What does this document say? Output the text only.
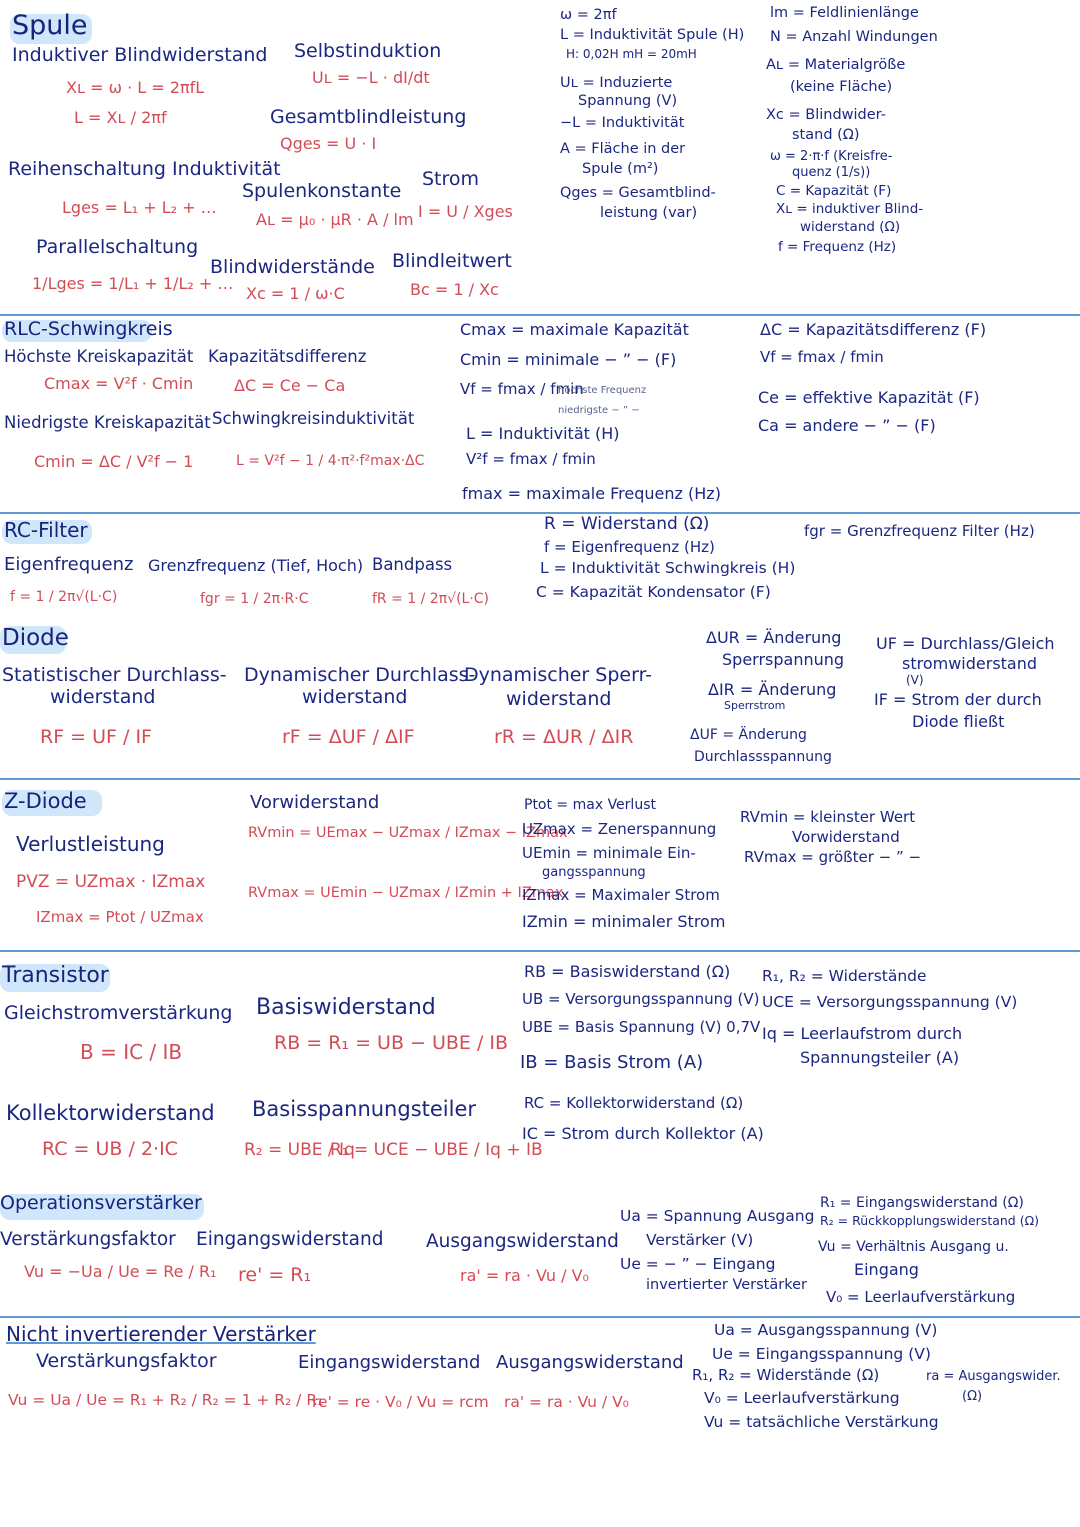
Spule
Induktiver Blindwiderstand
Xʟ = ω · L = 2πfL
L = Xʟ / 2πf
Selbstinduktion
Uʟ = −L · dI/dt
Gesamtblindleistung
Qges = U · I
Reihenschaltung Induktivität
Lges = L₁ + L₂ + …
Spulenkonstante
Aʟ = μ₀ · μR · A / lm
Strom
I = U / Xges
Parallelschaltung
1/Lges = 1/L₁ + 1/L₂ + …
Blindwiderstände
Xc = 1 / ω·C
Blindleitwert
Bc = 1 / Xc
ω = 2πf
L = Induktivität Spule (H)
H: 0,02H mH = 20mH
Uʟ = Induzierte
Spannung (V)
−L = Induktivität
A = Fläche in der
Spule (m²)
Qges = Gesamtblind-
leistung (var)
lm = Feldlinienlänge
N = Anzahl Windungen
Aʟ = Materialgröße
(keine Fläche)
Xc = Blindwider-
stand (Ω)
ω = 2·π·f (Kreisfre-
quenz (1/s))
C = Kapazität (F)
Xʟ = induktiver Blind-
widerstand (Ω)
f = Frequenz (Hz)
RLC-Schwingkreis
Höchste Kreiskapazität
Cmax = V²f · Cmin
Kapazitätsdifferenz
ΔC = Ce − Ca
Niedrigste Kreiskapazität
Cmin = ΔC / V²f − 1
Schwingkreisinduktivität
L = V²f − 1 / 4·π²·f²max·ΔC
Cmax = maximale Kapazität
Cmin = minimale − ” − (F)
Vf = fmax / fmin
höchste Frequenz
niedrigste − ” −
L = Induktivität (H)
V²f = fmax / fmin
fmax = maximale Frequenz (Hz)
ΔC = Kapazitätsdifferenz (F)
Vf = fmax / fmin
Ce = effektive Kapazität (F)
Ca = andere − ” − (F)
RC-Filter
Eigenfrequenz
f = 1 / 2π√(L·C)
Grenzfrequenz (Tief, Hoch)
fgr = 1 / 2π·R·C
Bandpass
fR = 1 / 2π√(L·C)
R = Widerstand (Ω)
f = Eigenfrequenz (Hz)
L = Induktivität Schwingkreis (H)
C = Kapazität Kondensator (F)
fgr = Grenzfrequenz Filter (Hz)
Diode
Statistischer Durchlass-
widerstand
RF = UF / IF
Dynamischer Durchlass-
widerstand
rF = ΔUF / ΔIF
Dynamischer Sperr-
widerstand
rR = ΔUR / ΔIR
ΔUR = Änderung
Sperrspannung
ΔIR = Änderung
Sperrstrom
ΔUF = Änderung
Durchlassspannung
UF = Durchlass/Gleich
stromwiderstand
(V)
IF = Strom der durch
Diode fließt
Z-Diode
Verlustleistung
PVZ = UZmax · IZmax
IZmax = Ptot / UZmax
Vorwiderstand
RVmin = UEmax − UZmax / IZmax − IZmax
RVmax = UEmin − UZmax / IZmin + IZmax
Ptot = max Verlust
UZmax = Zenerspannung
UEmin = minimale Ein-
gangsspannung
IZmax = Maximaler Strom
IZmin = minimaler Strom
RVmin = kleinster Wert
Vorwiderstand
RVmax = größter − ” −
Transistor
Gleichstromverstärkung
B = IC / IB
Basiswiderstand
RB = R₁ = UB − UBE / IB
Kollektorwiderstand
RC = UB / 2·IC
Basisspannungsteiler
R₂ = UBE / Iq
R₁ = UCE − UBE / Iq + IB
RB = Basiswiderstand (Ω)
UB = Versorgungsspannung (V)
UBE = Basis Spannung (V) 0,7V
IB = Basis Strom (A)
RC = Kollektorwiderstand (Ω)
IC = Strom durch Kollektor (A)
R₁, R₂ = Widerstände
UCE = Versorgungsspannung (V)
Iq = Leerlaufstrom durch
Spannungsteiler (A)
Operationsverstärker
Verstärkungsfaktor
Vu = −Ua / Ue = Re / R₁
Eingangswiderstand
re' = R₁
Ausgangswiderstand
ra' = ra · Vu / V₀
Ua = Spannung Ausgang
Verstärker (V)
Ue = − ” − Eingang
invertierter Verstärker
R₁ = Eingangswiderstand (Ω)
R₂ = Rückkopplungswiderstand (Ω)
Vu = Verhältnis Ausgang u.
Eingang
V₀ = Leerlaufverstärkung
Nicht invertierender Verstärker
Verstärkungsfaktor
Vu = Ua / Ue = R₁ + R₂ / R₂ = 1 + R₂ / R₁
Eingangswiderstand
re' = re · V₀ / Vu = rcm
Ausgangswiderstand
ra' = ra · Vu / V₀
Ua = Ausgangsspannung (V)
Ue = Eingangsspannung (V)
R₁, R₂ = Widerstände (Ω)
V₀ = Leerlaufverstärkung
Vu = tatsächliche Verstärkung
ra = Ausgangswider.
(Ω)
